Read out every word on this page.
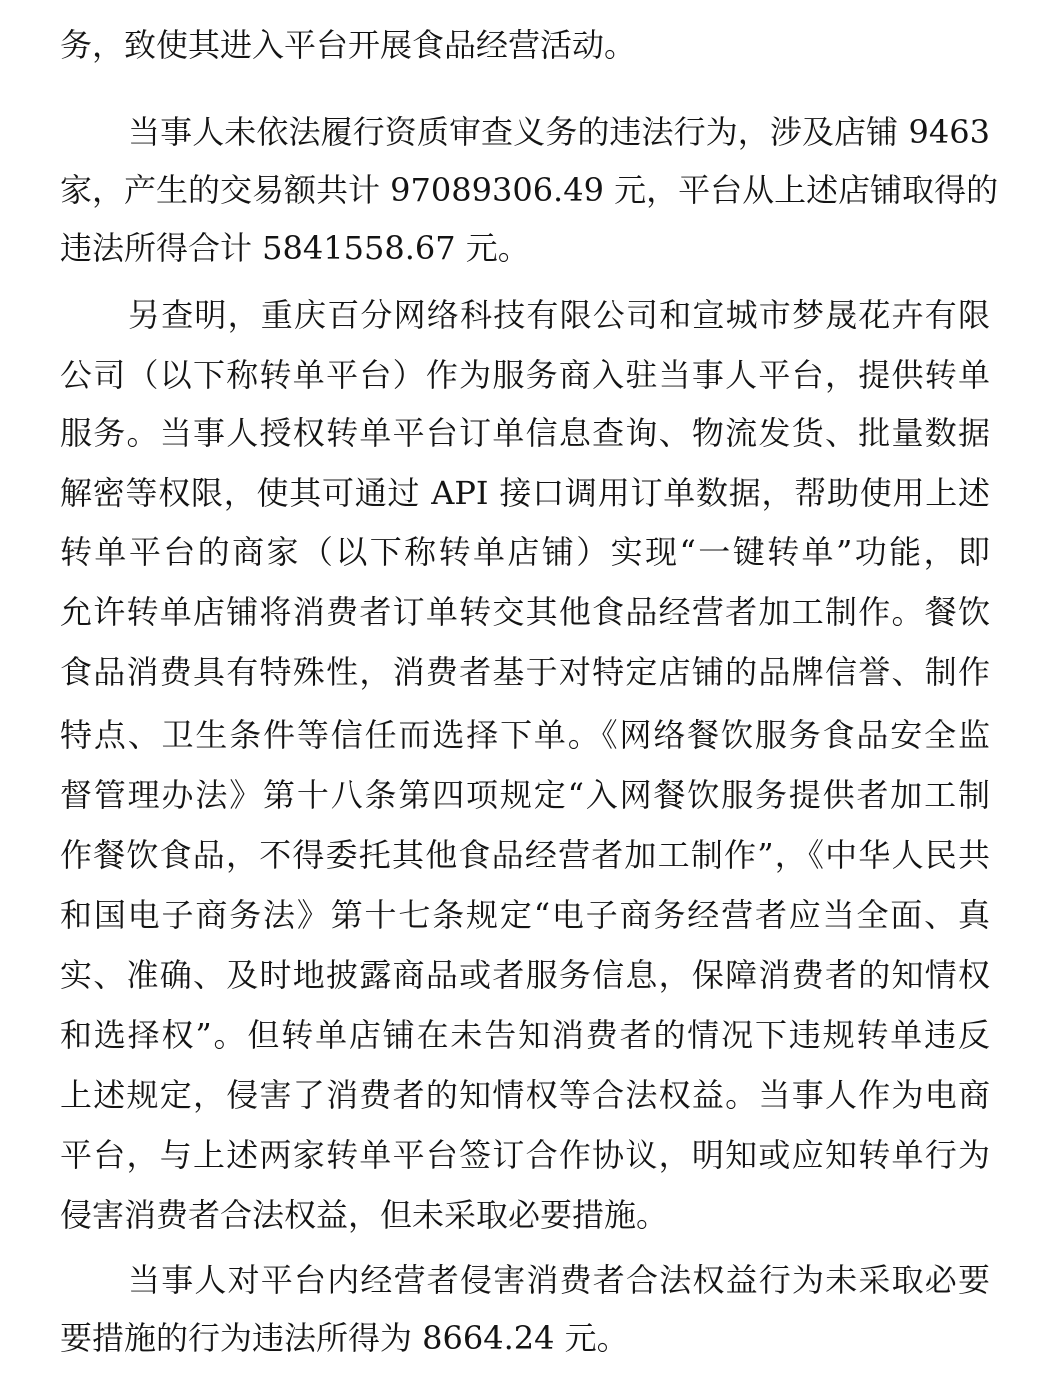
务，致使其进入平台开展食品经营活动。
当事人未依法履行资质审查义务的违法行为，涉及店铺 9463
家，产生的交易额共计 97089306.49 元，平台从上述店铺取得的
违法所得合计 5841558.67 元。
另查明，重庆百分网络科技有限公司和宣城市梦晟花卉有限
公司（以下称转单平台）作为服务商入驻当事人平台，提供转单
服务。当事人授权转单平台订单信息查询、物流发货、批量数据
解密等权限，使其可通过 API 接口调用订单数据，帮助使用上述
转单平台的商家（以下称转单店铺）实现“一键转单”功能，即
允许转单店铺将消费者订单转交其他食品经营者加工制作。餐饮
食品消费具有特殊性，消费者基于对特定店铺的品牌信誉、制作
特点、卫生条件等信任而选择下单。《网络餐饮服务食品安全监
督管理办法》第十八条第四项规定“入网餐饮服务提供者加工制
作餐饮食品，不得委托其他食品经营者加工制作”，《中华人民共
和国电子商务法》第十七条规定“电子商务经营者应当全面、真
实、准确、及时地披露商品或者服务信息，保障消费者的知情权
和选择权”。但转单店铺在未告知消费者的情况下违规转单违反
上述规定，侵害了消费者的知情权等合法权益。当事人作为电商
平台，与上述两家转单平台签订合作协议，明知或应知转单行为
侵害消费者合法权益，但未采取必要措施。
当事人对平台内经营者侵害消费者合法权益行为未采取必要
要措施的行为违法所得为 8664.24 元。
